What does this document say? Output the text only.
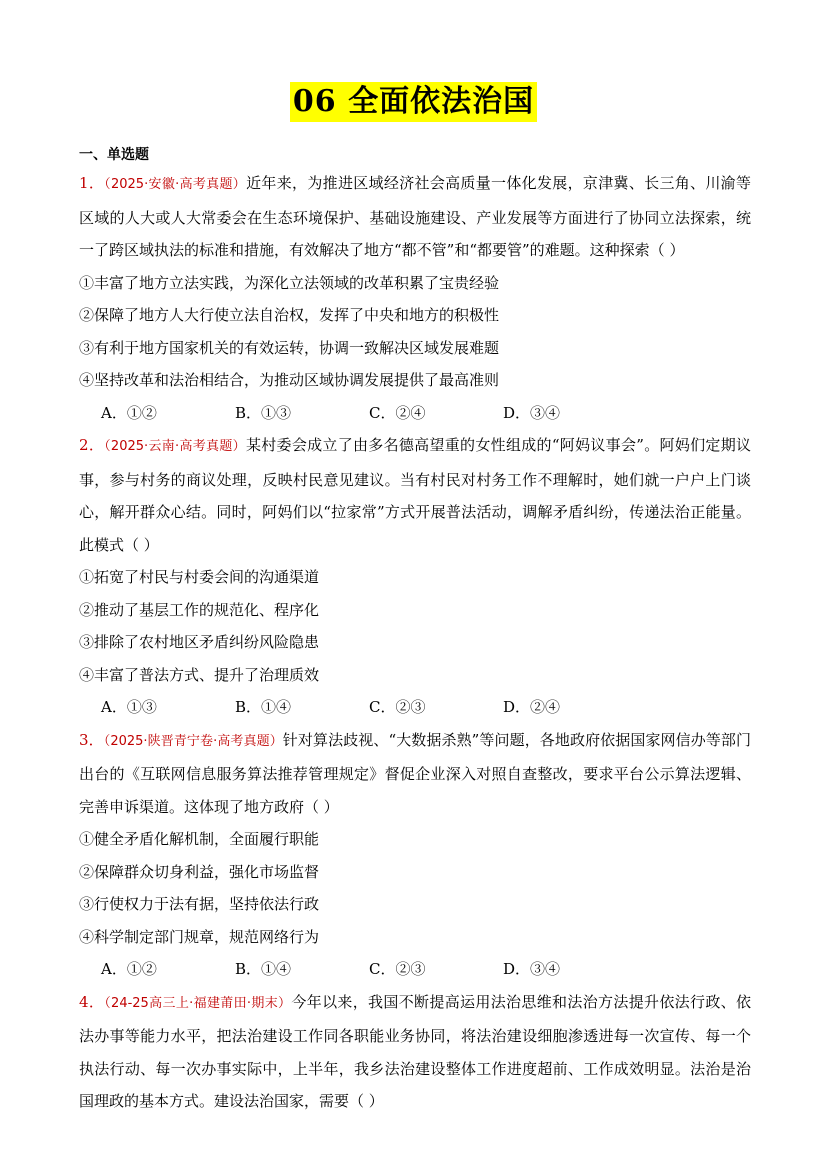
06 全面依法治国
一、单选题

1．（2025·安徽·高考真题）近年来，为推进区域经济社会高质量一体化发展，京津冀、长三角、川渝等区域的人大或人大常委会在生态环境保护、基础设施建设、产业发展等方面进行了协同立法探索，统一了跨区域执法的标准和措施，有效解决了地方“都不管”和“都要管”的难题。这种探索（ ）

①丰富了地方立法实践，为深化立法领域的改革积累了宝贵经验

②保障了地方人大行使立法自治权，发挥了中央和地方的积极性

③有利于地方国家机关的有效运转，协调一致解决区域发展难题

④坚持改革和法治相结合，为推动区域协调发展提供了最高准则

A．①②	B．①③	C．②④	D．③④

2．（2025·云南·高考真题）某村委会成立了由多名德高望重的女性组成的“阿妈议事会”。阿妈们定期议事，参与村务的商议处理，反映村民意见建议。当有村民对村务工作不理解时，她们就一户户上门谈心，解开群众心结。同时，阿妈们以“拉家常”方式开展普法活动，调解矛盾纠纷，传递法治正能量。此模式（ ）

①拓宽了村民与村委会间的沟通渠道

②推动了基层工作的规范化、程序化

③排除了农村地区矛盾纠纷风险隐患

④丰富了普法方式、提升了治理质效

A．①③	B．①④	C．②③	D．②④

3．（2025·陕晋青宁卷·高考真题）针对算法歧视、“大数据杀熟”等问题，各地政府依据国家网信办等部门出台的《互联网信息服务算法推荐管理规定》督促企业深入对照自查整改，要求平台公示算法逻辑、完善申诉渠道。这体现了地方政府（ ）

①健全矛盾化解机制，全面履行职能

②保障群众切身利益，强化市场监督

③行使权力于法有据，坚持依法行政

④科学制定部门规章，规范网络行为

A．①②	B．①④	C．②③	D．③④

4．（24-25高三上·福建莆田·期末）今年以来，我国不断提高运用法治思维和法治方法提升依法行政、依法办事等能力水平，把法治建设工作同各职能业务协同，将法治建设细胞渗透进每一次宣传、每一个执法行动、每一次办事实际中，上半年，我乡法治建设整体工作进度超前、工作成效明显。法治是治国理政的基本方式。建设法治国家，需要（ ）
